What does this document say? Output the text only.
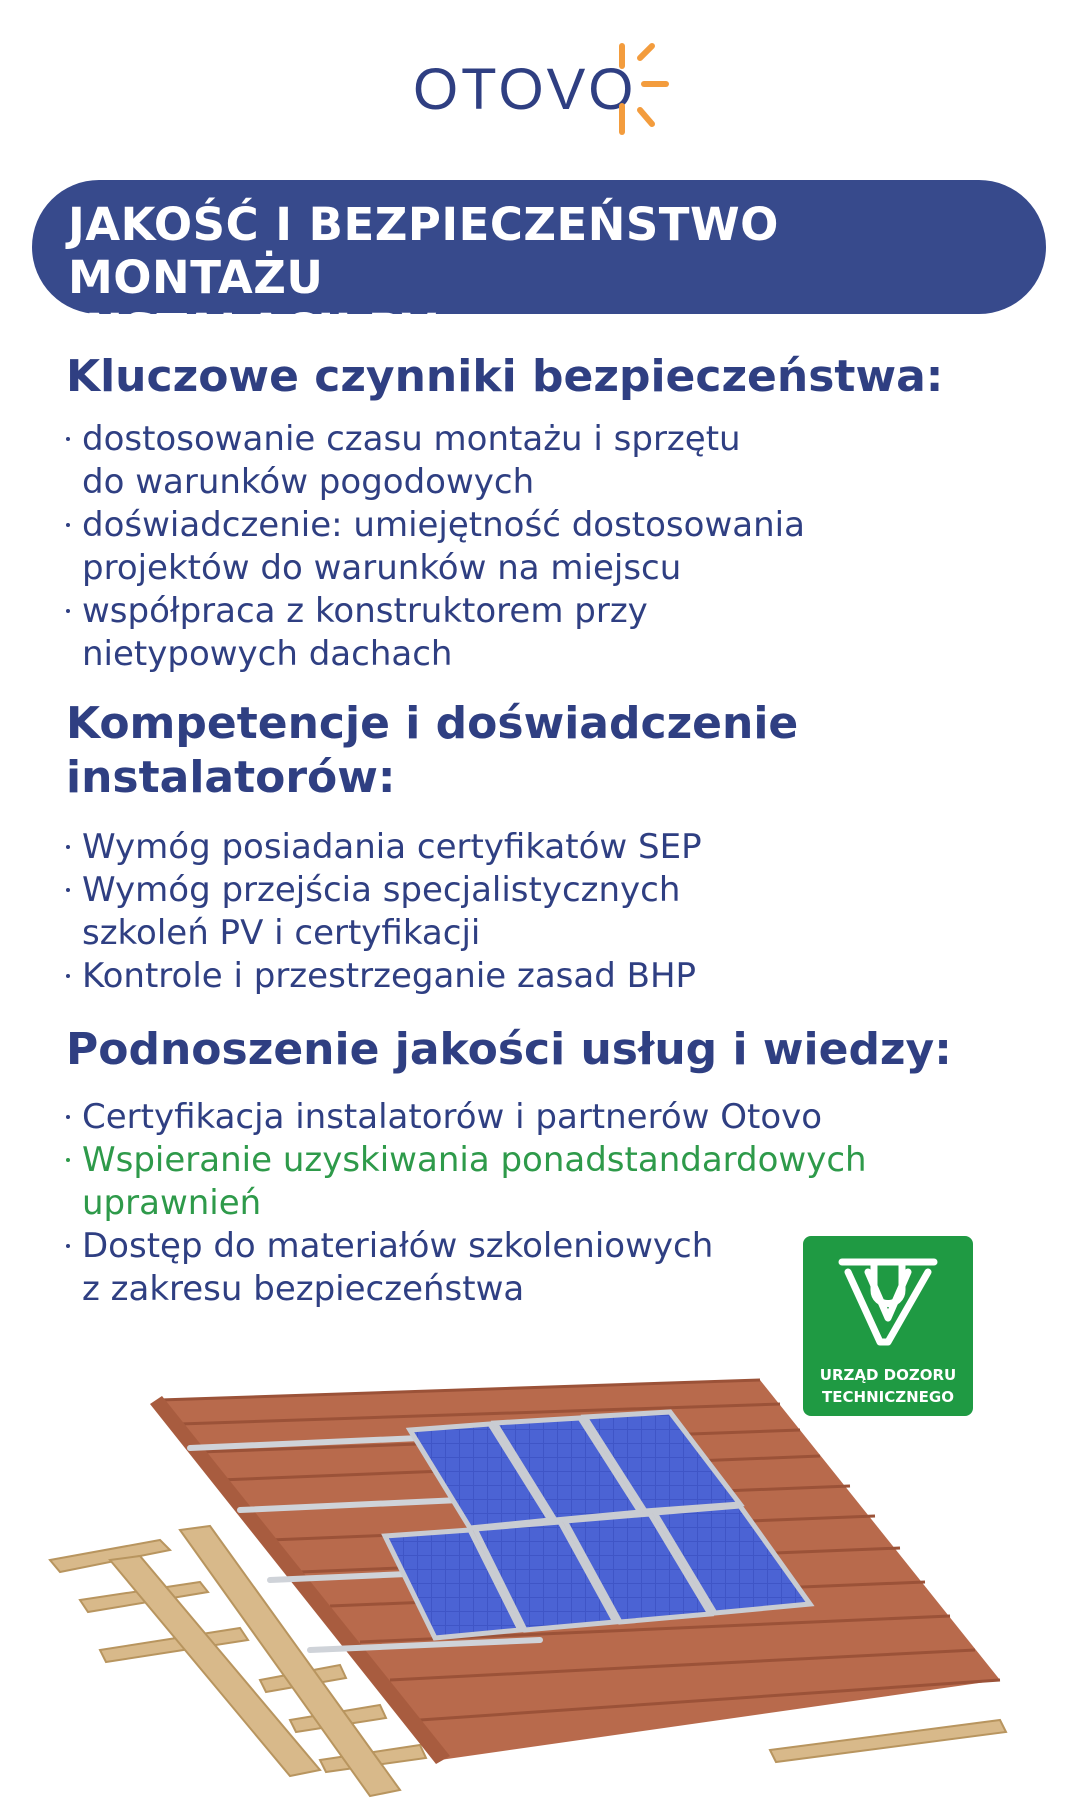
OTOVO
JAKOŚĆ I BEZPIECZEŃSTWO MONTAŻU
INSTALACJI PV
Kluczowe czynniki bezpieczeństwa:
dostosowanie czasu montażu i sprzętu
do warunków pogodowych
doświadczenie: umiejętność dostosowania
projektów do warunków na miejscu
współpraca z konstruktorem przy
nietypowych dachach
Kompetencje i doświadczenie
instalatorów:
Wymóg posiadania certyfikatów SEP
Wymóg przejścia specjalistycznych
szkoleń PV i certyfikacji
Kontrole i przestrzeganie zasad BHP
Podnoszenie jakości usług i wiedzy:
Certyfikacja instalatorów i partnerów Otovo
Wspieranie uzyskiwania ponadstandardowych
uprawnień
Dostęp do materiałów szkoleniowych
z zakresu bezpieczeństwa
URZĄD DOZORU
TECHNICZNEGO
